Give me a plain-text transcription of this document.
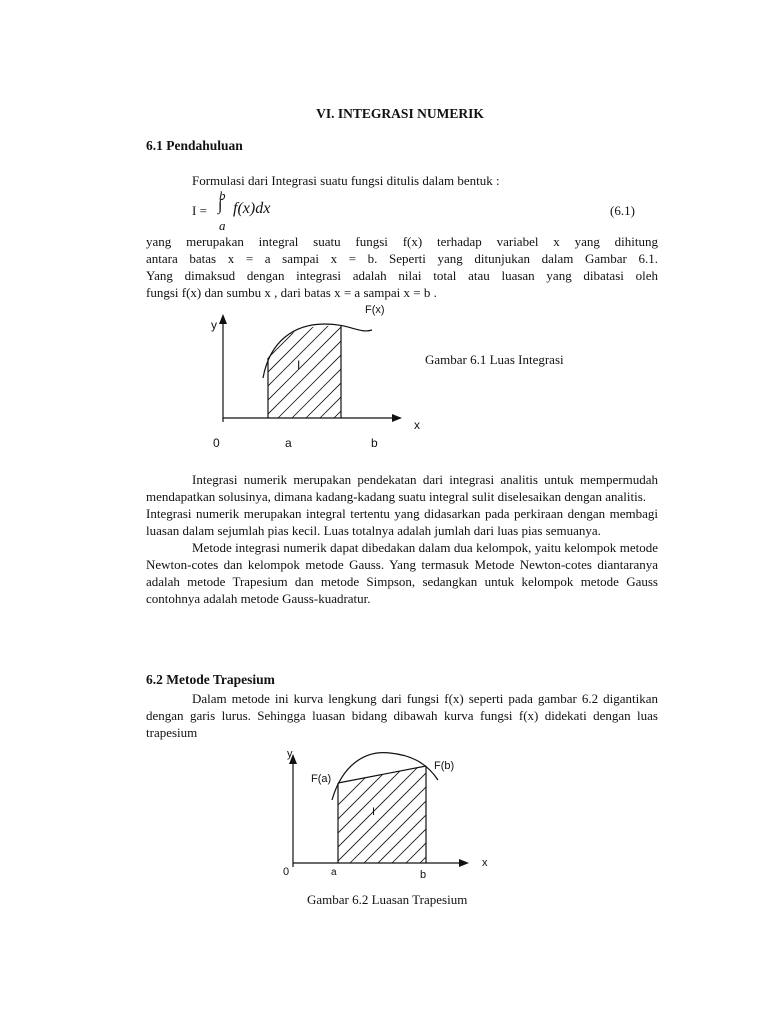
VI. INTEGRASI NUMERIK
6.1 Pendahuluan
Formulasi dari Integrasi suatu fungsi ditulis dalam bentuk :
I =
b
∫
a
f(x)dx	(6.1)
yang merupakan integral suatu fungsi f(x) terhadap variabel x yang dihitung
antara batas x = a sampai x = b. Seperti yang ditunjukan dalam Gambar 6.1.
Yang dimaksud dengan integrasi adalah nilai total atau luasan yang dibatasi oleh
fungsi f(x) dan sumbu x , dari batas x = a sampai x = b .
y
F(x)
I
x
0	a	b
Gambar 6.1 Luas Integrasi

Integrasi numerik merupakan pendekatan dari integrasi analitis untuk mempermudah mendapatkan solusinya, dimana kadang-kadang suatu integral sulit diselesaikan dengan analitis.

Integrasi numerik merupakan integral tertentu yang didasarkan pada perkiraan dengan membagi luasan dalam sejumlah pias kecil. Luas totalnya adalah jumlah dari luas pias semuanya.

Metode integrasi numerik dapat dibedakan dalam dua kelompok, yaitu kelompok metode Newton-cotes dan kelompok metode Gauss. Yang termasuk Metode Newton-cotes diantaranya adalah metode Trapesium dan metode Simpson, sedangkan untuk kelompok metode Gauss contohnya adalah metode Gauss-kuadratur.

6.2 Metode Trapesium

Dalam metode ini kurva lengkung dari fungsi f(x) seperti pada gambar 6.2 digantikan dengan garis lurus. Sehingga luasan bidang dibawah kurva fungsi f(x) didekati dengan luas trapesium

y
F(a)
F(b)
I
x
0	a	b
Gambar 6.2 Luasan Trapesium
